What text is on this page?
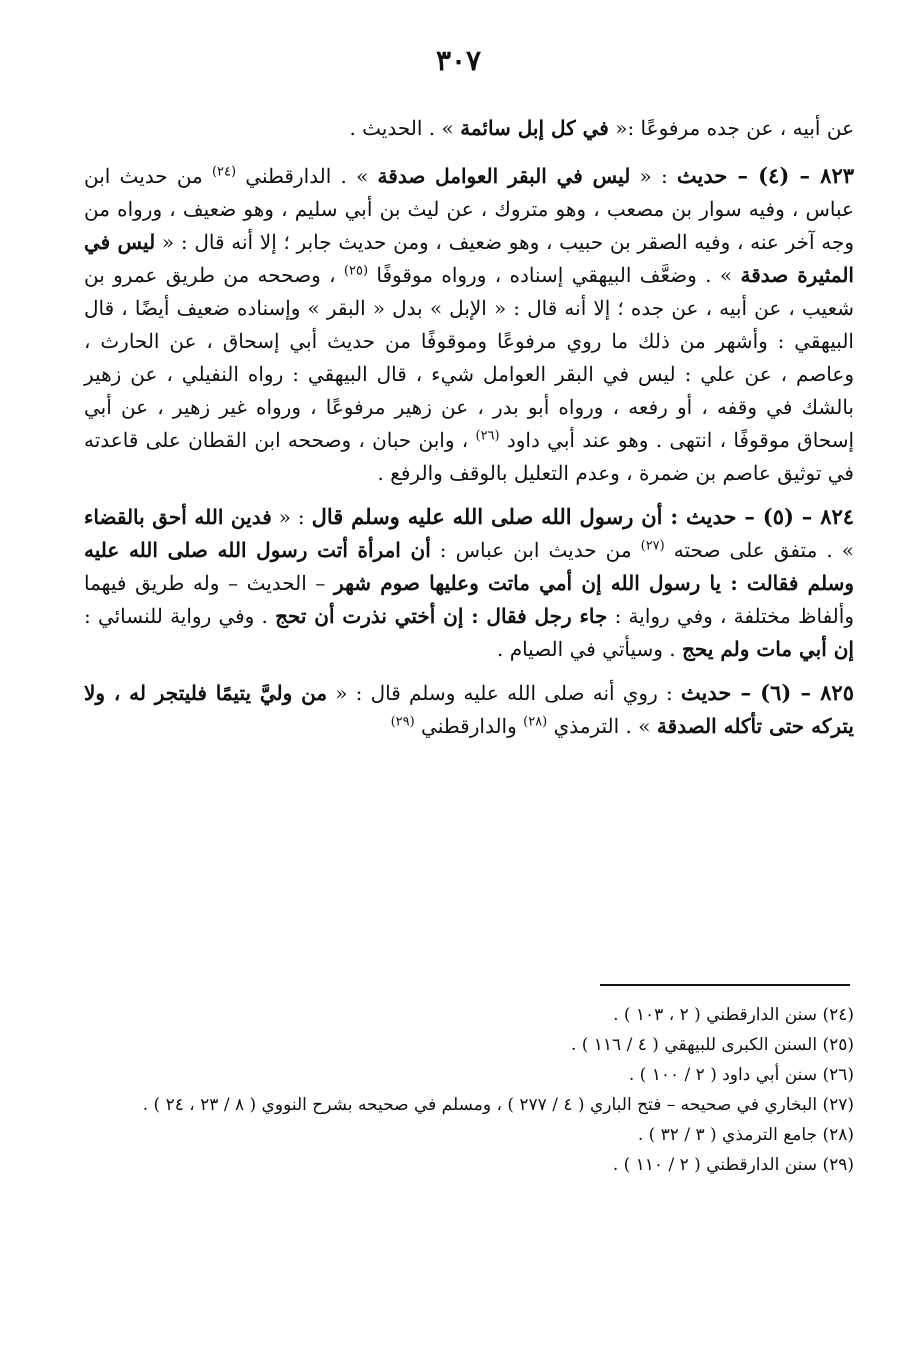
٣٠٧

عن أبيه ، عن جده مرفوعًا :« في كل إبل سائمة » . الحديث .

٨٢٣ – (٤) – حديث : « ليس في البقر العوامل صدقة » . الدارقطني $^{(٢٤)}$ من حديث ابن عباس ، وفيه سوار بن مصعب ، وهو متروك ، عن ليث بن أبي سليم ، وهو ضعيف ، ورواه من وجه آخر عنه ، وفيه الصقر بن حبيب ، وهو ضعيف ، ومن حديث جابر ؛ إلا أنه قال : « ليس في المثيرة صدقة » . وضعَّف البيهقي إسناده ، ورواه موقوفًا $^{(٢٥)}$ ، وصححه من طريق عمرو بن شعيب ، عن أبيه ، عن جده ؛ إلا أنه قال : « الإبل » بدل « البقر » وإسناده ضعيف أيضًا ، قال البيهقي : وأشهر من ذلك ما روي مرفوعًا وموقوفًا من حديث أبي إسحاق ، عن الحارث ، وعاصم ، عن علي : ليس في البقر العوامل شيء ، قال البيهقي : رواه النفيلي ، عن زهير بالشك في وقفه ، أو رفعه ، ورواه أبو بدر ، عن زهير مرفوعًا ، ورواه غير زهير ، عن أبي إسحاق موقوفًا ، انتهى . وهو عند أبي داود $^{(٢٦)}$ ، وابن حبان ، وصححه ابن القطان على قاعدته في توثيق عاصم بن ضمرة ، وعدم التعليل بالوقف والرفع .

٨٢٤ – (٥) – حديث : أن رسول الله صلى الله عليه وسلم قال : « فدين الله أحق بالقضاء » . متفق على صحته $^{(٢٧)}$ من حديث ابن عباس : أن امرأة أتت رسول الله صلى الله عليه وسلم فقالت : يا رسول الله إن أمي ماتت وعليها صوم شهر – الحديث – وله طريق فيهما وألفاظ مختلفة ، وفي رواية : جاء رجل فقال : إن أختي نذرت أن تحج . وفي رواية للنسائي : إن أبي مات ولم يحج . وسيأتي في الصيام .

٨٢٥ – (٦) – حديث : روي أنه صلى الله عليه وسلم قال : « من وليَّ يتيمًا فليتجر له ، ولا يتركه حتى تأكله الصدقة » . الترمذي $^{(٢٨)}$ والدارقطني $^{(٢٩)}$

(٢٤) سنن الدارقطني ( ٢ ، ١٠٣ ) .

(٢٥) السنن الكبرى للبيهقي ( ٤ / ١١٦ ) .

(٢٦) سنن أبي داود ( ٢ / ١٠٠ ) .

(٢٧) البخاري في صحيحه – فتح الباري ( ٤ / ٢٧٧ ) ، ومسلم في صحيحه بشرح النووي ( ٨ / ٢٣ ، ٢٤ ) .

(٢٨) جامع الترمذي ( ٣ / ٣٢ ) .

(٢٩) سنن الدارقطني ( ٢ / ١١٠ ) .
